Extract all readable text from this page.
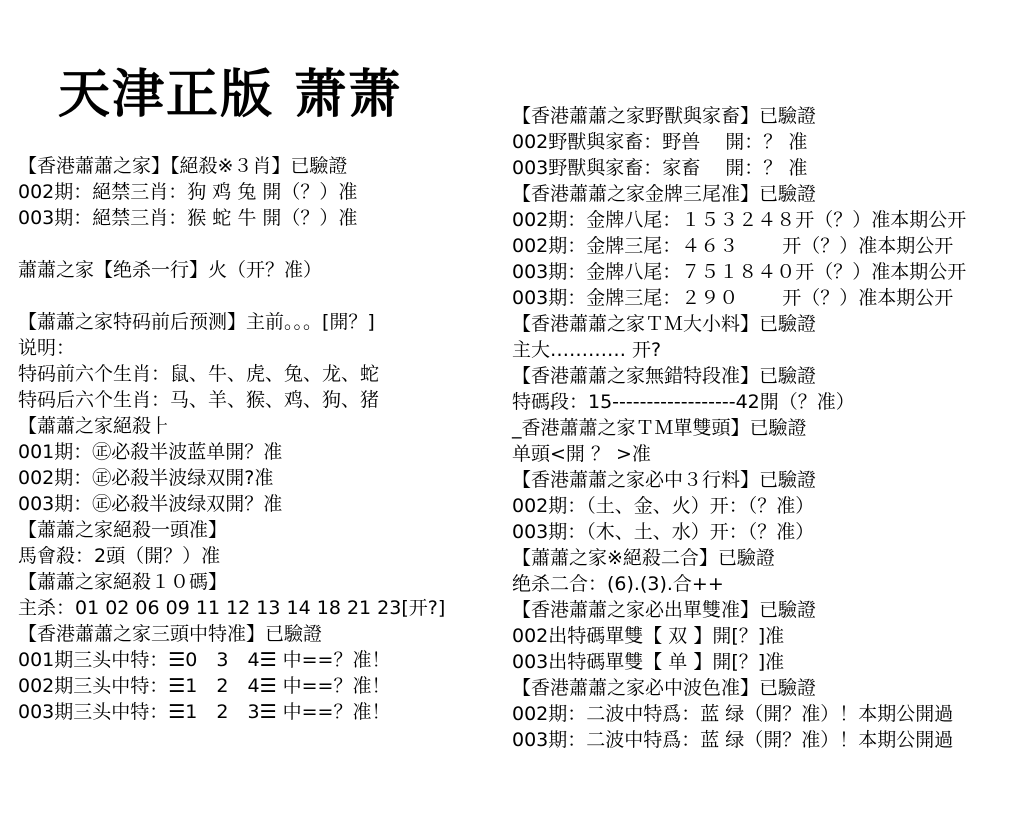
天津正版 萧萧
【香港蕭蕭之家】【絕殺※３肖】已驗證
002期：絕禁三肖：狗 鸡 兔 開（？）准
003期：絕禁三肖：猴 蛇 牛 開（？）准
蕭蕭之家【绝杀一行】火（开？准）
【蕭蕭之家特码前后预测】主前。。。[開？]
说明：
特码前六个生肖：鼠、牛、虎、兔、龙、蛇
特码后六个生肖：马、羊、猴、鸡、狗、猪
【蕭蕭之家絕殺⺊
001期：㊣必殺半波蓝单開？准
002期：㊣必殺半波绿双開?准
003期：㊣必殺半波绿双開？准
【蕭蕭之家絕殺一頭准】
馬會殺：2頭（開？）准
【蕭蕭之家絕殺１０碼】
主杀：01 02 06 09 11 12 13 14 18 21 23[开?]
【香港蕭蕭之家三頭中特准】已驗證
001期三头中特：☰0　3　4☰ 中==？准！
002期三头中特：☰1　2　4☰ 中==？准！
003期三头中特：☰1　2　3☰ 中==？准！
【香港蕭蕭之家野獸與家畜】已驗證
002野獸與家畜：野兽　 開：？ 准
003野獸與家畜：家畜　 開：？ 准
【香港蕭蕭之家金牌三尾准】已驗證
002期：金牌八尾：１５３２４８开（？）准本期公开
002期：金牌三尾：４６３　　 开（？）准本期公开
003期：金牌八尾：７５１８４０开（？）准本期公开
003期：金牌三尾：２９０　　 开（？）准本期公开
【香港蕭蕭之家ＴＭ大小料】已驗證
主大………… 开?
【香港蕭蕭之家無錯特段准】已驗證
特碼段：15------------------42開（？准）
_香港蕭蕭之家ＴＭ單雙頭】已驗證
单頭<開 ？ >准
【香港蕭蕭之家必中３行料】已驗證
002期：（土、金、火）开：（？准）
003期：（木、土、水）开：（？准）
【蕭蕭之家※絕殺二合】已驗證
绝杀二合：(6).(3).合++
【香港蕭蕭之家必出單雙准】已驗證
002出特碼單雙【 双 】開[？]准
003出特碼單雙【 单 】開[？]准
【香港蕭蕭之家必中波色准】已驗證
002期：二波中特爲：蓝 绿（開？准）！本期公開過
003期：二波中特爲：蓝 绿（開？准）！本期公開過
